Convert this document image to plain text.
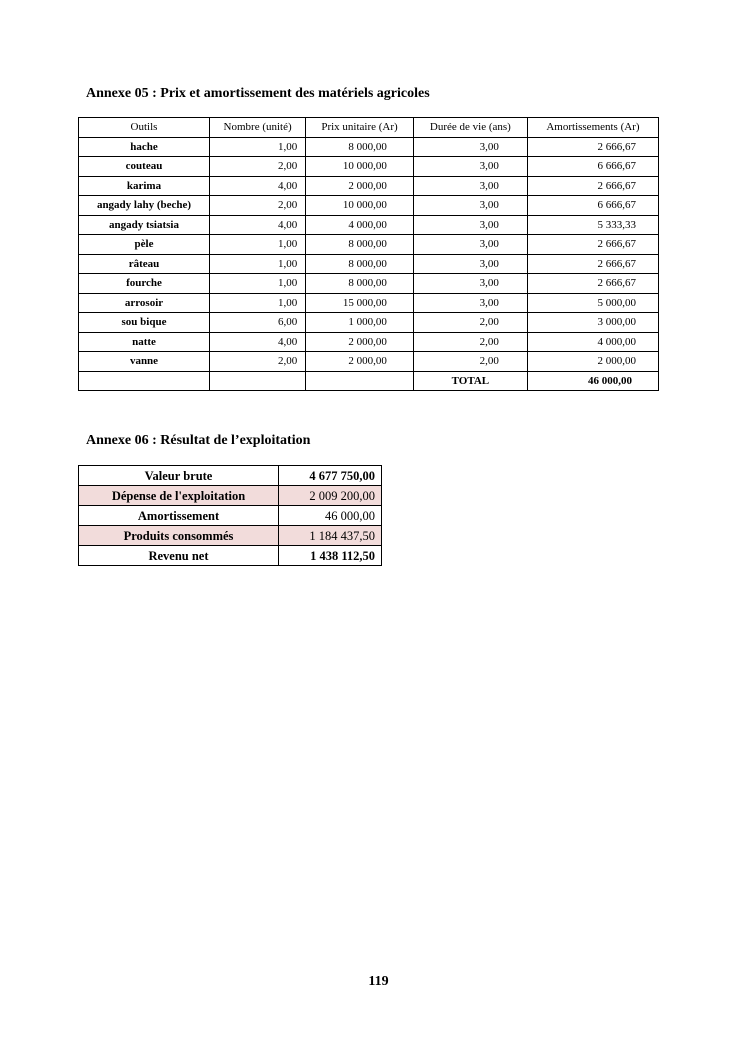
Annexe 05 : Prix et amortissement des matériels agricoles
Outils	Nombre (unité)	Prix unitaire (Ar)	Durée de vie (ans)	Amortissements (Ar)
hache	1,00	8 000,00	3,00	2 666,67
couteau	2,00	10 000,00	3,00	6 666,67
karima	4,00	2 000,00	3,00	2 666,67
angady lahy (beche)	2,00	10 000,00	3,00	6 666,67
angady tsiatsia	4,00	4 000,00	3,00	5 333,33
pèle	1,00	8 000,00	3,00	2 666,67
râteau	1,00	8 000,00	3,00	2 666,67
fourche	1,00	8 000,00	3,00	2 666,67
arrosoir	1,00	15 000,00	3,00	5 000,00
sou bique	6,00	1 000,00	2,00	3 000,00
natte	4,00	2 000,00	2,00	4 000,00
vanne	2,00	2 000,00	2,00	2 000,00
			TOTAL	46 000,00
Annexe 06 : Résultat de l’exploitation
Valeur brute	4 677 750,00
Dépense de l'exploitation	2 009 200,00
Amortissement	46 000,00
Produits consommés	1 184 437,50
Revenu net	1 438 112,50
119
